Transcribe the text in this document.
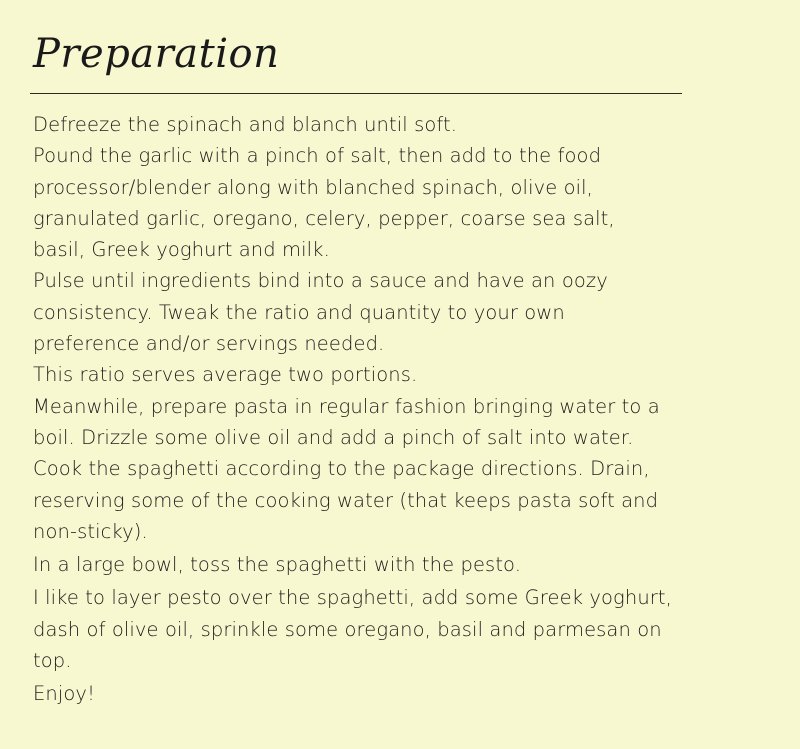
Preparation

Defreeze the spinach and blanch until soft.

Pound the garlic with a pinch of salt, then add to the food processor/blender along with blanched spinach, olive oil, granulated garlic, oregano, celery, pepper, coarse sea salt, basil, Greek yoghurt and milk.

Pulse until ingredients bind into a sauce and have an oozy consistency. Tweak the ratio and quantity to your own preference and/or servings needed.

This ratio serves average two portions.

Meanwhile, prepare pasta in regular fashion bringing water to a boil. Drizzle some olive oil and add a pinch of salt into water. Cook the spaghetti according to the package directions. Drain, reserving some of the cooking water (that keeps pasta soft and non-sticky).

In a large bowl, toss the spaghetti with the pesto.

I like to layer pesto over the spaghetti, add some Greek yoghurt, dash of olive oil, sprinkle some oregano, basil and parmesan on top.

Enjoy!
